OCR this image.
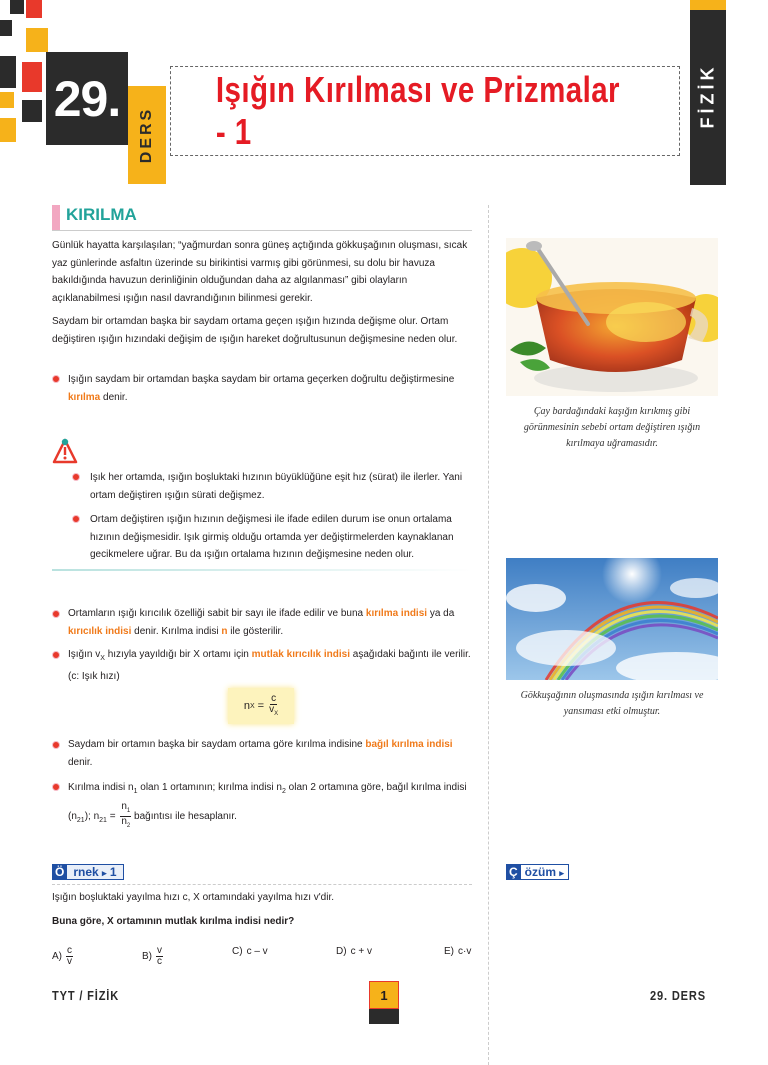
29.
DERS
Işığın Kırılması ve Prizmalar - 1
FİZİK
KIRILMA

Günlük hayatta karşılaşılan; “yağmurdan sonra güneş açtığında gökkuşağının oluşması, sıcak yaz günlerinde asfaltın üzerinde su birikintisi varmış gibi görünmesi, su dolu bir havuza bakıldığında havuzun derinliğinin olduğundan daha az algılanması” gibi olayların açıklanabilmesi ışığın nasıl davrandığının bilinmesi gerekir.

Saydam bir ortamdan başka bir saydam ortama geçen ışığın hızında değişme olur. Ortam değiştiren ışığın hızındaki değişim de ışığın hareket doğrultusunun değişmesine neden olur.

Işığın saydam bir ortamdan başka saydam bir ortama geçerken doğrultu değiştirmesine kırılma denir.

Işık her ortamda, ışığın boşluktaki hızının büyüklüğüne eşit hız (sürat) ile ilerler. Yani ortam değiştiren ışığın sürati değişmez.

Ortam değiştiren ışığın hızının değişmesi ile ifade edilen durum ise onun ortalama hızının değişmesidir. Işık girmiş olduğu ortamda yer değiştirmelerden kaynaklanan gecikmelere uğrar. Bu da ışığın ortalama hızının değişmesine neden olur.

Ortamların ışığı kırıcılık özelliği sabit bir sayı ile ifade edilir ve buna kırılma indisi ya da kırıcılık indisi denir. Kırılma indisi n ile gösterilir.

Işığın $v_X$ hızıyla yayıldığı bir X ortamı için mutlak kırıcılık indisi aşağıdaki bağıntı ile verilir. (c: Işık hızı)

n $X = \frac{c}{v_X}$

Saydam bir ortamın başka bir saydam ortama göre kırılma indisine bağıl kırılma indisi denir.

Kırılma indisi $n_1$ olan 1 ortamının; kırılma indisi $n_2$ olan 2 ortamına göre, bağıl kırılma indisi $(n_{21})$; $n_{21} = \frac{n_1}{n_2}$ bağıntısı ile hesaplanır.

Çay bardağındaki kaşığın kırıkmış gibi görünmesinin sebebi ortam değiştiren ışığın kırılmaya uğramasıdır.

Gökkuşağının oluşmasında ışığın kırılması ve yansıması etki olmuştur.

Ö rnek ▸ 1

Işığın boşluktaki yayılma hızı c, X ortamındaki yayılma hızı v'dir.

Buna göre, X ortamının mutlak kırılma indisi nedir?

$A) \frac{c}{v}$	$B) \frac{v}{c}$	C) c – v	D) c + v	E) c·v
Ç özüm ▸
TYT / FİZİK	1	29. DERS
